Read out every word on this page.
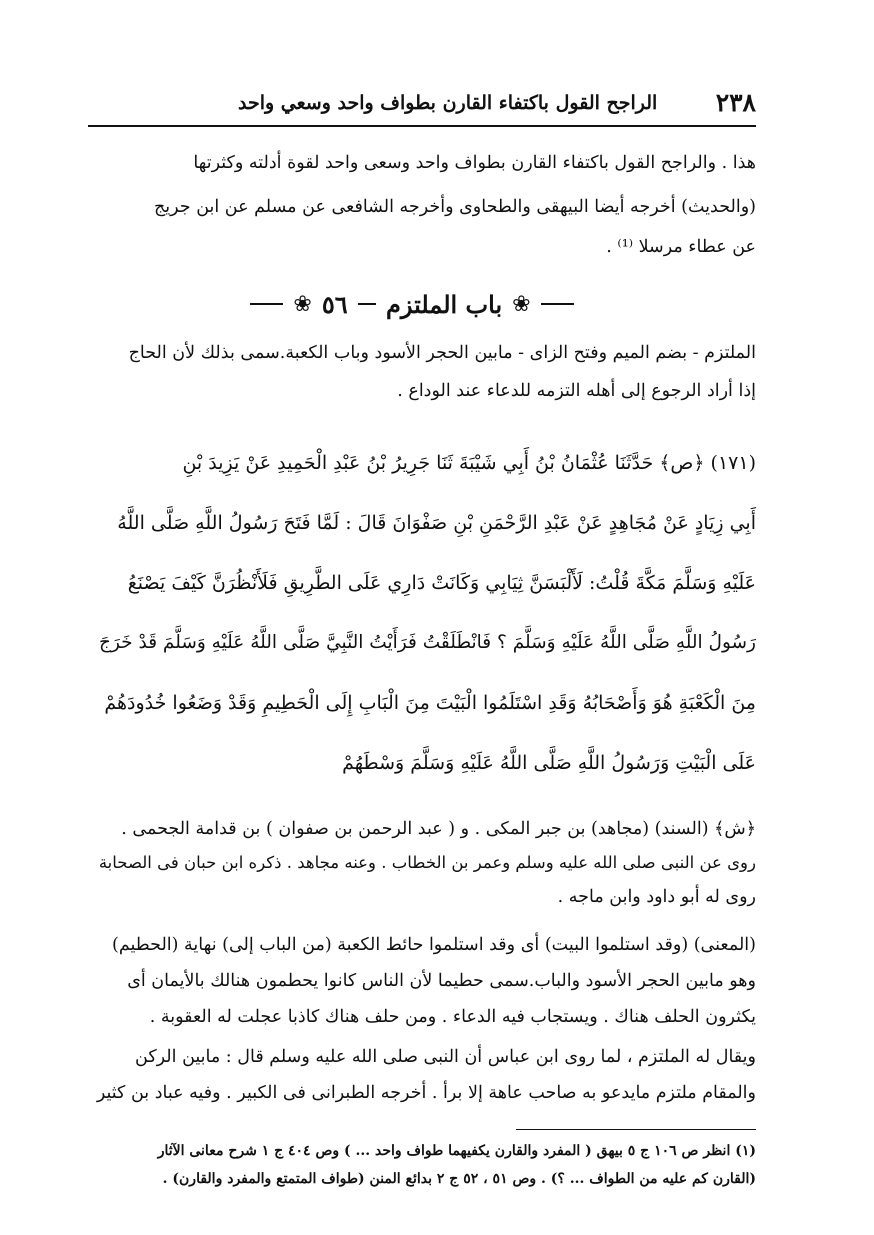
٢٣٨
الراجح القول باكتفاء القارن بطواف واحد وسعي واحد
هذا . والراجح القول باكتفاء القارن بطواف واحد وسعى واحد لقوة أدلته وكثرتها
(والحديث) أخرجه أيضا البيهقى والطحاوى وأخرجه الشافعى عن مسلم عن ابن جريج
عن عطاء مرسلا ⁽¹⁾ .
❀
باب الملتزم
٥٦
❀
الملتزم - بضم الميم وفتح الزاى - مابين الحجر الأسود وباب الكعبة.سمى بذلك لأن الحاج
إذا أراد الرجوع إلى أهله التزمه للدعاء عند الوداع .
(١٧١) ﴿ص﴾ حَدَّثَنَا عُثْمَانُ بْنُ أَبِي شَيْبَةَ ثَنَا جَرِيرُ بْنُ عَبْدِ الْحَمِيدِ عَنْ يَزِيدَ بْنِ
أَبِي زِيَادٍ عَنْ مُجَاهِدٍ عَنْ عَبْدِ الرَّحْمَنِ بْنِ صَفْوَانَ قَالَ : لَمَّا فَتَحَ رَسُولُ اللَّهِ صَلَّى اللَّهُ
عَلَيْهِ وَسَلَّمَ مَكَّةَ قُلْتُ: لَأَلْبَسَنَّ ثِيَابِي وَكَانَتْ دَارِي عَلَى الطَّرِيقِ فَلَأَنْظُرَنَّ كَيْفَ يَصْنَعُ
رَسُولُ اللَّهِ صَلَّى اللَّهُ عَلَيْهِ وَسَلَّمَ ؟ فَانْطَلَقْتُ فَرَأَيْتُ النَّبِيَّ صَلَّى اللَّهُ عَلَيْهِ وَسَلَّمَ قَدْ خَرَجَ
مِنَ الْكَعْبَةِ هُوَ وَأَصْحَابُهُ وَقَدِ اسْتَلَمُوا الْبَيْتَ مِنَ الْبَابِ إِلَى الْحَطِيمِ وَقَدْ وَضَعُوا خُدُودَهُمْ
عَلَى الْبَيْتِ وَرَسُولُ اللَّهِ صَلَّى اللَّهُ عَلَيْهِ وَسَلَّمَ وَسْطَهُمْ
﴿ش﴾ (السند) (مجاهد) بن جبر المكى . و ( عبد الرحمن بن صفوان ) بن قدامة الجحمى .
روى عن النبى صلى الله عليه وسلم وعمر بن الخطاب . وعنه مجاهد . ذكره ابن حبان فى الصحابة
روى له أبو داود وابن ماجه .
(المعنى) (وقد استلموا البيت) أى وقد استلموا حائط الكعبة (من الباب إلى) نهاية (الحطيم)
وهو مابين الحجر الأسود والباب.سمى حطيما لأن الناس كانوا يحطمون هنالك بالأيمان أى
يكثرون الحلف هناك . ويستجاب فيه الدعاء . ومن حلف هناك كاذبا عجلت له العقوبة .
ويقال له الملتزم ، لما روى ابن عباس أن النبى صلى الله عليه وسلم قال : مابين الركن
والمقام ملتزم مايدعو به صاحب عاهة إلا برأ . أخرجه الطبرانى فى الكبير . وفيه عباد بن كثير
(١) انظر ص ١٠٦ ج ٥ بيهق ( المفرد والقارن يكفيهما طواف واحد ... ) وص ٤٠٤ ج ١ شرح معانى الآثار
(القارن كم عليه من الطواف ... ؟) . وص ٥١ ، ٥٢ ج ٢ بدائع المنن (طواف المتمتع والمفرد والقارن) .
